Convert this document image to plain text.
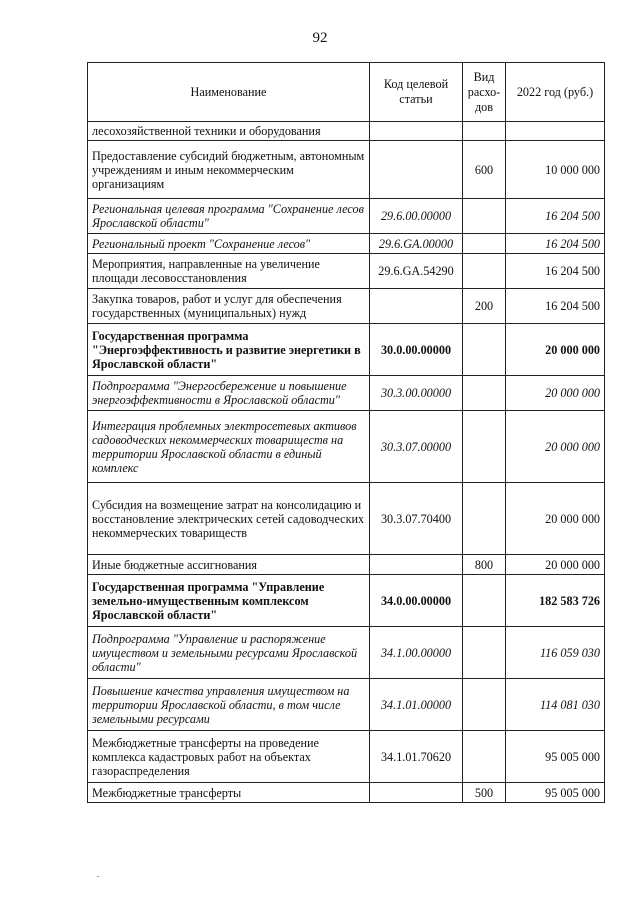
92
Наименование	Код целевой статьи	Вид расхо-дов	2022 год (руб.)
лесохозяйственной техники и оборудования			
Предоставление субсидий бюджетным, автономным учреждениям и иным некоммерческим организациям		600	10 000 000
Региональная целевая программа "Сохранение лесов Ярославской области"	29.6.00.00000		16 204 500
Региональный проект "Сохранение лесов"	29.6.GA.00000		16 204 500
Мероприятия, направленные на увеличение площади лесовосстановления	29.6.GA.54290		16 204 500
Закупка товаров, работ и услуг для обеспечения государственных (муниципальных) нужд		200	16 204 500
Государственная программа "Энергоэффективность и развитие энергетики в Ярославской области"	30.0.00.00000		20 000 000
Подпрограмма "Энергосбережение и повышение энергоэффективности в Ярославской области"	30.3.00.00000		20 000 000
Интеграция проблемных электросетевых активов садоводческих некоммерческих товариществ на территории Ярославской области в единый комплекс	30.3.07.00000		20 000 000
Субсидия на возмещение затрат на консолидацию и восстановление электрических сетей садоводческих некоммерческих товариществ	30.3.07.70400		20 000 000
Иные бюджетные ассигнования		800	20 000 000
Государственная программа "Управление земельно-имущественным комплексом Ярославской области"	34.0.00.00000		182 583 726
Подпрограмма "Управление и распоряжение имуществом и земельными ресурсами Ярославской области"	34.1.00.00000		116 059 030
Повышение качества управления имуществом на территории Ярославской области, в том числе земельными ресурсами	34.1.01.00000		114 081 030
Межбюджетные трансферты на проведение комплекса кадастровых работ на объектах газораспределения	34.1.01.70620		95 005 000
Межбюджетные трансферты		500	95 005 000
